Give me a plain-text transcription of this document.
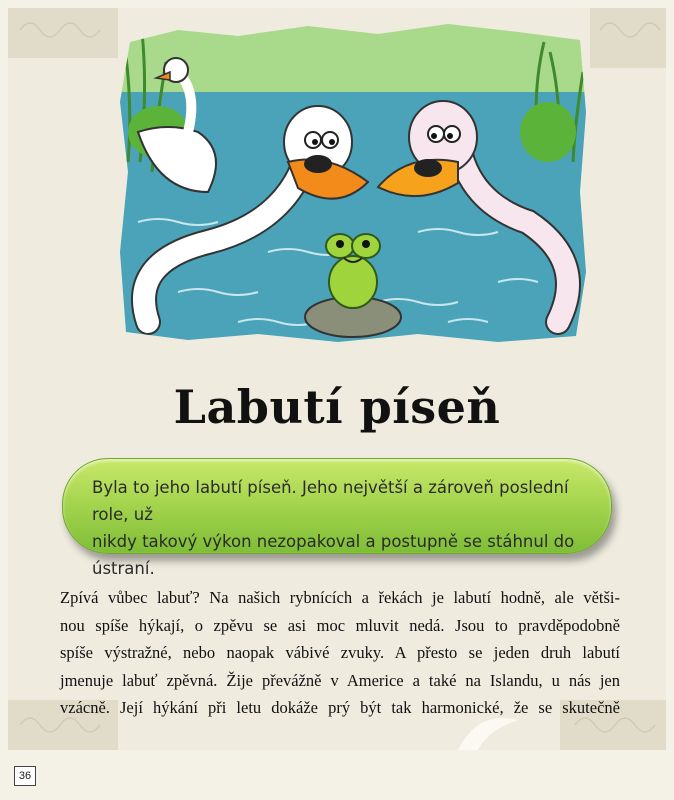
Labutí píseň
Byla to jeho labutí píseň. Jeho největší a zároveň poslední role, už
nikdy takový výkon nezopakoval a postupně se stáhnul do ústraní.
Zpívá vůbec labuť? Na našich rybnících a řekách je labutí hodně, ale větši-
nou spíše hýkají, o zpěvu se asi moc mluvit nedá. Jsou to pravděpodobně
spíše výstražné, nebo naopak vábivé zvuky. A přesto se jeden druh labutí
jmenuje labuť zpěvná. Žije převážně v Americe a také na Islandu, u nás jen
vzácně. Její hýkání při letu dokáže prý být tak harmonické, že se skutečně
36
